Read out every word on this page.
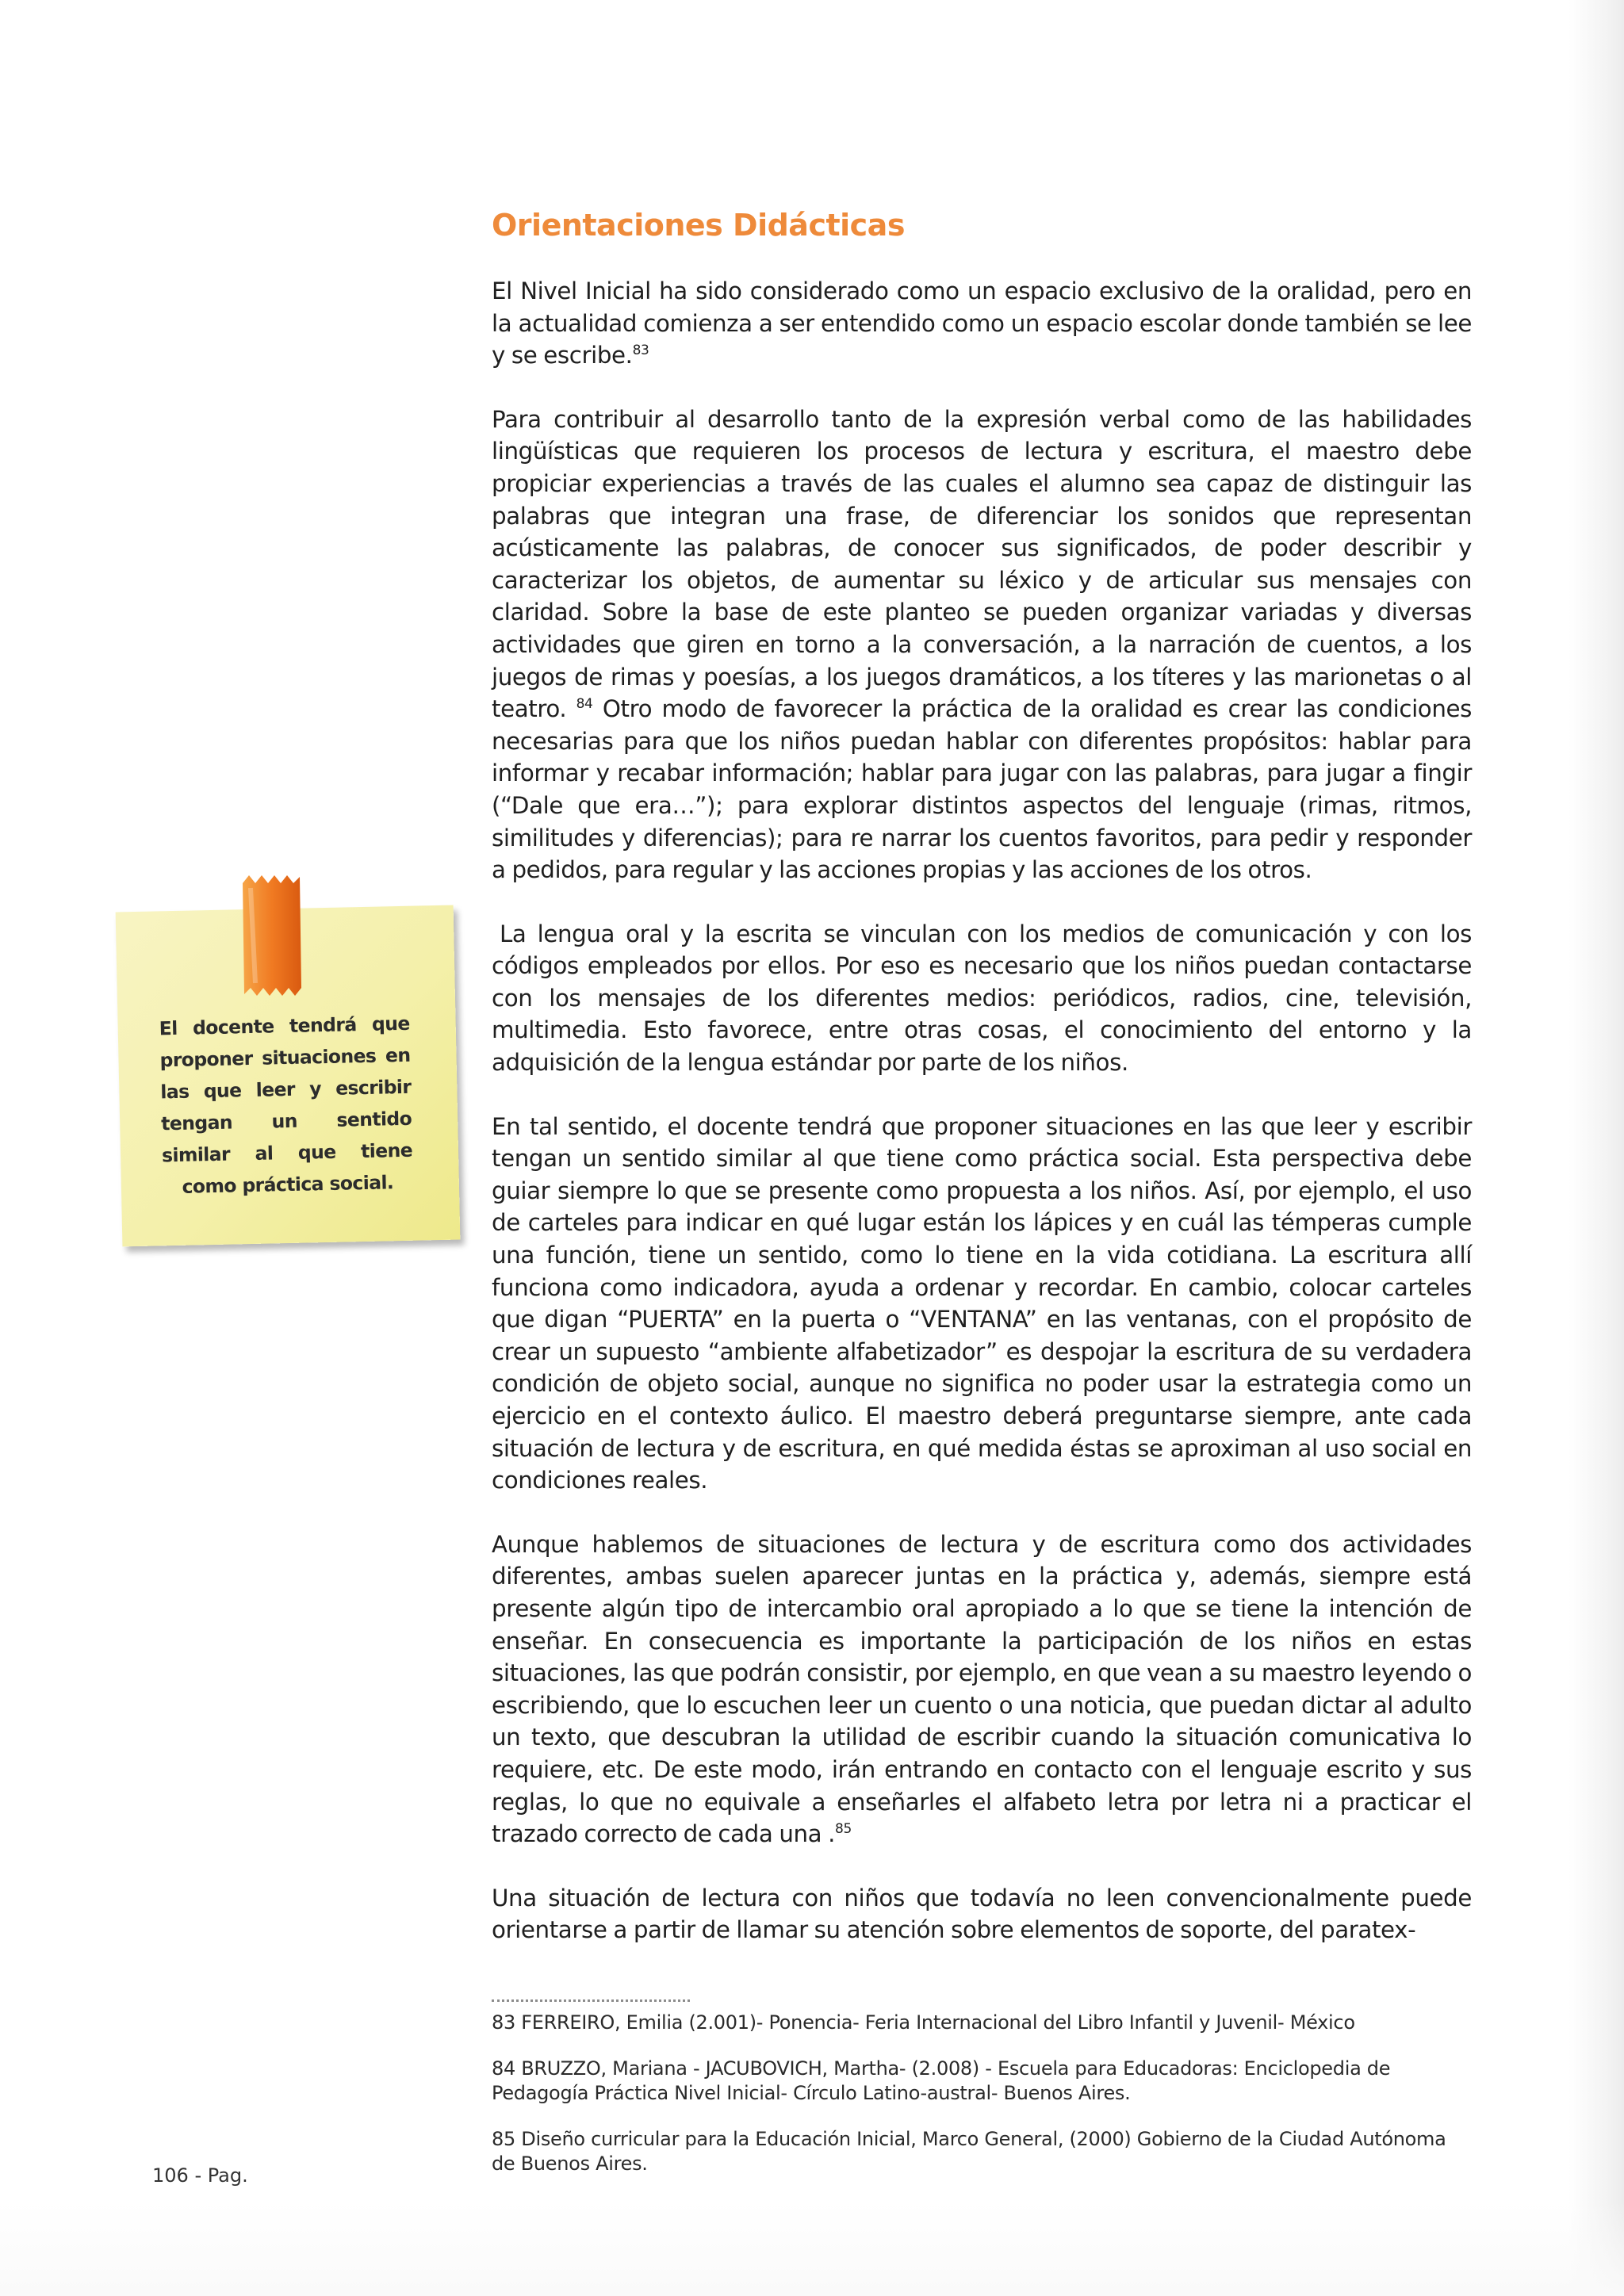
Orientaciones Didácticas

El Nivel Inicial ha sido considerado como un espacio exclusivo de la oralidad, pero en la actualidad comienza a ser entendido como un espacio escolar donde también se lee y se escribe.$^{83}$

Para contribuir al desarrollo tanto de la expresión verbal como de las habilidades lingüísticas que requieren los procesos de lectura y escritura, el maestro debe propiciar experiencias a través de las cuales el alumno sea capaz de distinguir las palabras que integran una frase, de diferenciar los sonidos que representan acústicamente las palabras, de conocer sus significados, de poder describir y caracterizar los objetos, de aumentar su léxico y de articular sus mensajes con claridad. Sobre la base de este planteo se pueden organizar variadas y diversas actividades que giren en torno a la conversación, a la narración de cuentos, a los juegos de rimas y poesías, a los juegos dramáticos, a los títeres y las marionetas o al teatro. $^{84}$ Otro modo de favorecer la práctica de la oralidad es crear las condiciones necesarias para que los niños puedan hablar con diferentes propósitos: hablar para informar y recabar información; hablar para jugar con las palabras, para jugar a fingir (“Dale que era…”); para explorar distintos aspectos del lenguaje (rimas, ritmos, similitudes y diferencias); para re narrar los cuentos favoritos, para pedir y responder a pedidos, para regular y las acciones propias y las acciones de los otros.

La lengua oral y la escrita se vinculan con los medios de comunicación y con los códigos empleados por ellos. Por eso es necesario que los niños puedan contactarse con los mensajes de los diferentes medios: periódicos, radios, cine, televisión, multimedia. Esto favorece, entre otras cosas, el conocimiento del entorno y la adquisición de la lengua estándar por parte de los niños.

En tal sentido, el docente tendrá que proponer situaciones en las que leer y escribir tengan un sentido similar al que tiene como práctica social. Esta perspectiva debe guiar siempre lo que se presente como propuesta a los niños. Así, por ejemplo, el uso de carteles para indicar en qué lugar están los lápices y en cuál las témperas cumple una función, tiene un sentido, como lo tiene en la vida cotidiana. La escritura allí funciona como indicadora, ayuda a ordenar y recordar. En cambio, colocar carteles que digan “PUERTA” en la puerta o “VENTANA” en las ventanas, con el propósito de crear un supuesto “ambiente alfabetizador” es despojar la escritura de su verdadera condición de objeto social, aunque no significa no poder usar la estrategia como un ejercicio en el contexto áulico. El maestro deberá preguntarse siempre, ante cada situación de lectura y de escritura, en qué medida éstas se aproximan al uso social en condiciones reales.

Aunque hablemos de situaciones de lectura y de escritura como dos actividades diferentes, ambas suelen aparecer juntas en la práctica y, además, siempre está presente algún tipo de intercambio oral apropiado a lo que se tiene la intención de enseñar. En consecuencia es importante la participación de los niños en estas situaciones, las que podrán consistir, por ejemplo, en que vean a su maestro leyendo o escribiendo, que lo escuchen leer un cuento o una noticia, que puedan dictar al adulto un texto, que descubran la utilidad de escribir cuando la situación comunicativa lo requiere, etc. De este modo, irán entrando en contacto con el lenguaje escrito y sus reglas, lo que no equivale a enseñarles el alfabeto letra por letra ni a practicar el trazado correcto de cada una .$^{85}$

Una situación de lectura con niños que todavía no leen convencionalmente puede orientarse a partir de llamar su atención sobre elementos de soporte, del paratex-

83 FERREIRO, Emilia (2.001)- Ponencia- Feria Internacional del Libro Infantil y Juvenil- México

84 BRUZZO, Mariana - JACUBOVICH, Martha- (2.008) - Escuela para Educadoras: Enciclopedia de Pedagogía Práctica Nivel Inicial- Círculo Latino-austral- Buenos Aires.

85 Diseño curricular para la Educación Inicial, Marco General, (2000) Gobierno de la Ciudad Autónoma de Buenos Aires.

El docente tendrá que proponer situaciones en las que leer y escribir tengan un sentido similar al que tiene como práctica social.
106 - Pag.
